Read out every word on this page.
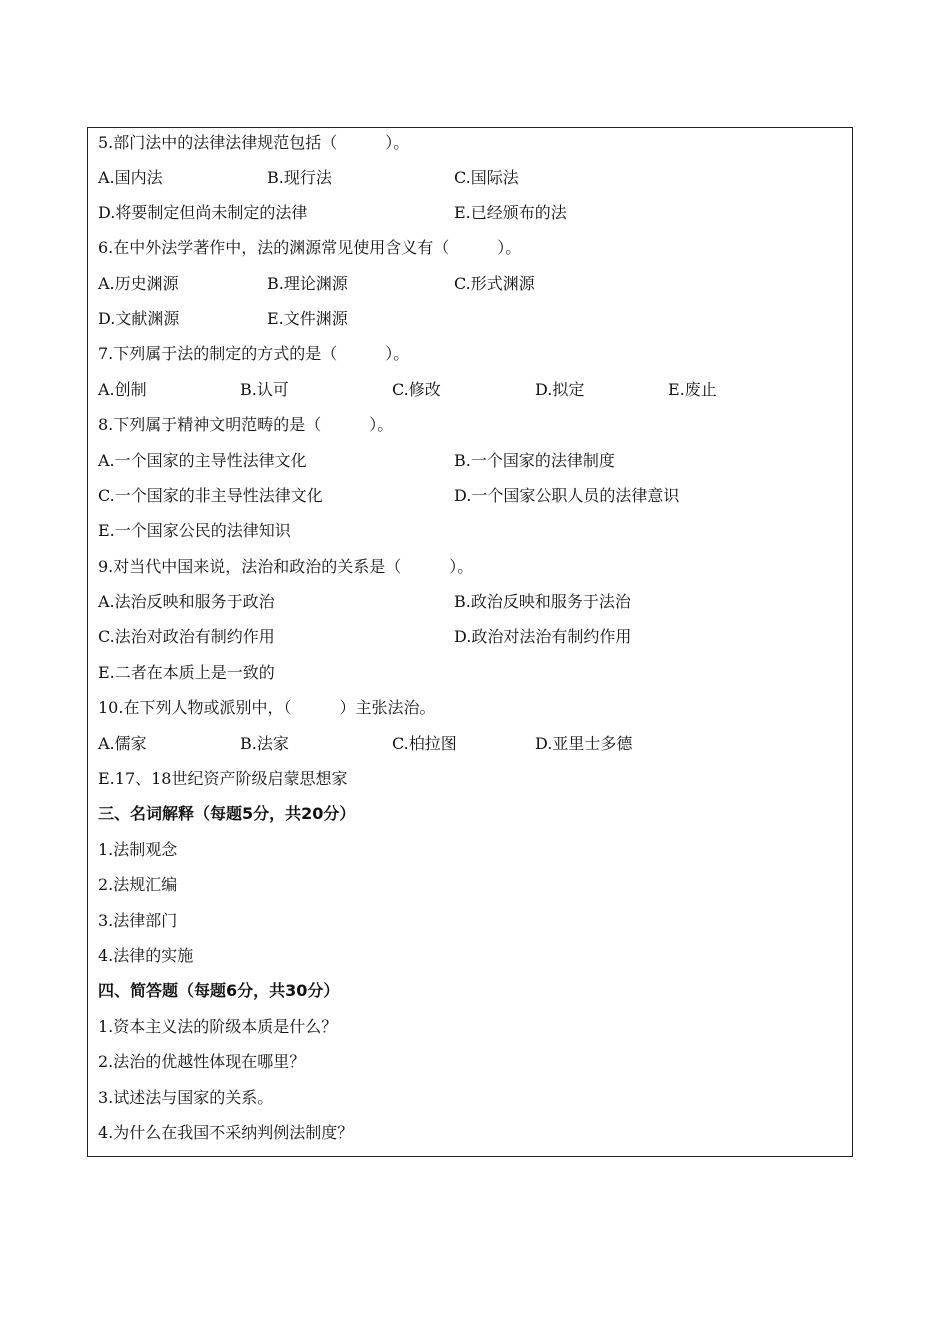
5.部门法中的法律法律规范包括（　　　）。
A.国内法	B.现行法	C.国际法
D.将要制定但尚未制定的法律	E.已经颁布的法
6.在中外法学著作中，法的渊源常见使用含义有（　　　）。
A.历史渊源	B.理论渊源	C.形式渊源
D.文献渊源	E.文件渊源
7.下列属于法的制定的方式的是（　　　）。
A.创制	B.认可	C.修改	D.拟定	E.废止
8.下列属于精神文明范畴的是（　　　）。
A.一个国家的主导性法律文化	B.一个国家的法律制度
C.一个国家的非主导性法律文化	D.一个国家公职人员的法律意识
E.一个国家公民的法律知识
9.对当代中国来说，法治和政治的关系是（　　　）。
A.法治反映和服务于政治	B.政治反映和服务于法治
C.法治对政治有制约作用	D.政治对法治有制约作用
E.二者在本质上是一致的
10.在下列人物或派别中，（　　　）主张法治。
A.儒家	B.法家	C.柏拉图	D.亚里士多德
E.17、18世纪资产阶级启蒙思想家
三、名词解释（每题5分，共20分）
1.法制观念
2.法规汇编
3.法律部门
4.法律的实施
四、简答题（每题6分，共30分）
1.资本主义法的阶级本质是什么？
2.法治的优越性体现在哪里？
3.试述法与国家的关系。
4.为什么在我国不采纳判例法制度？
